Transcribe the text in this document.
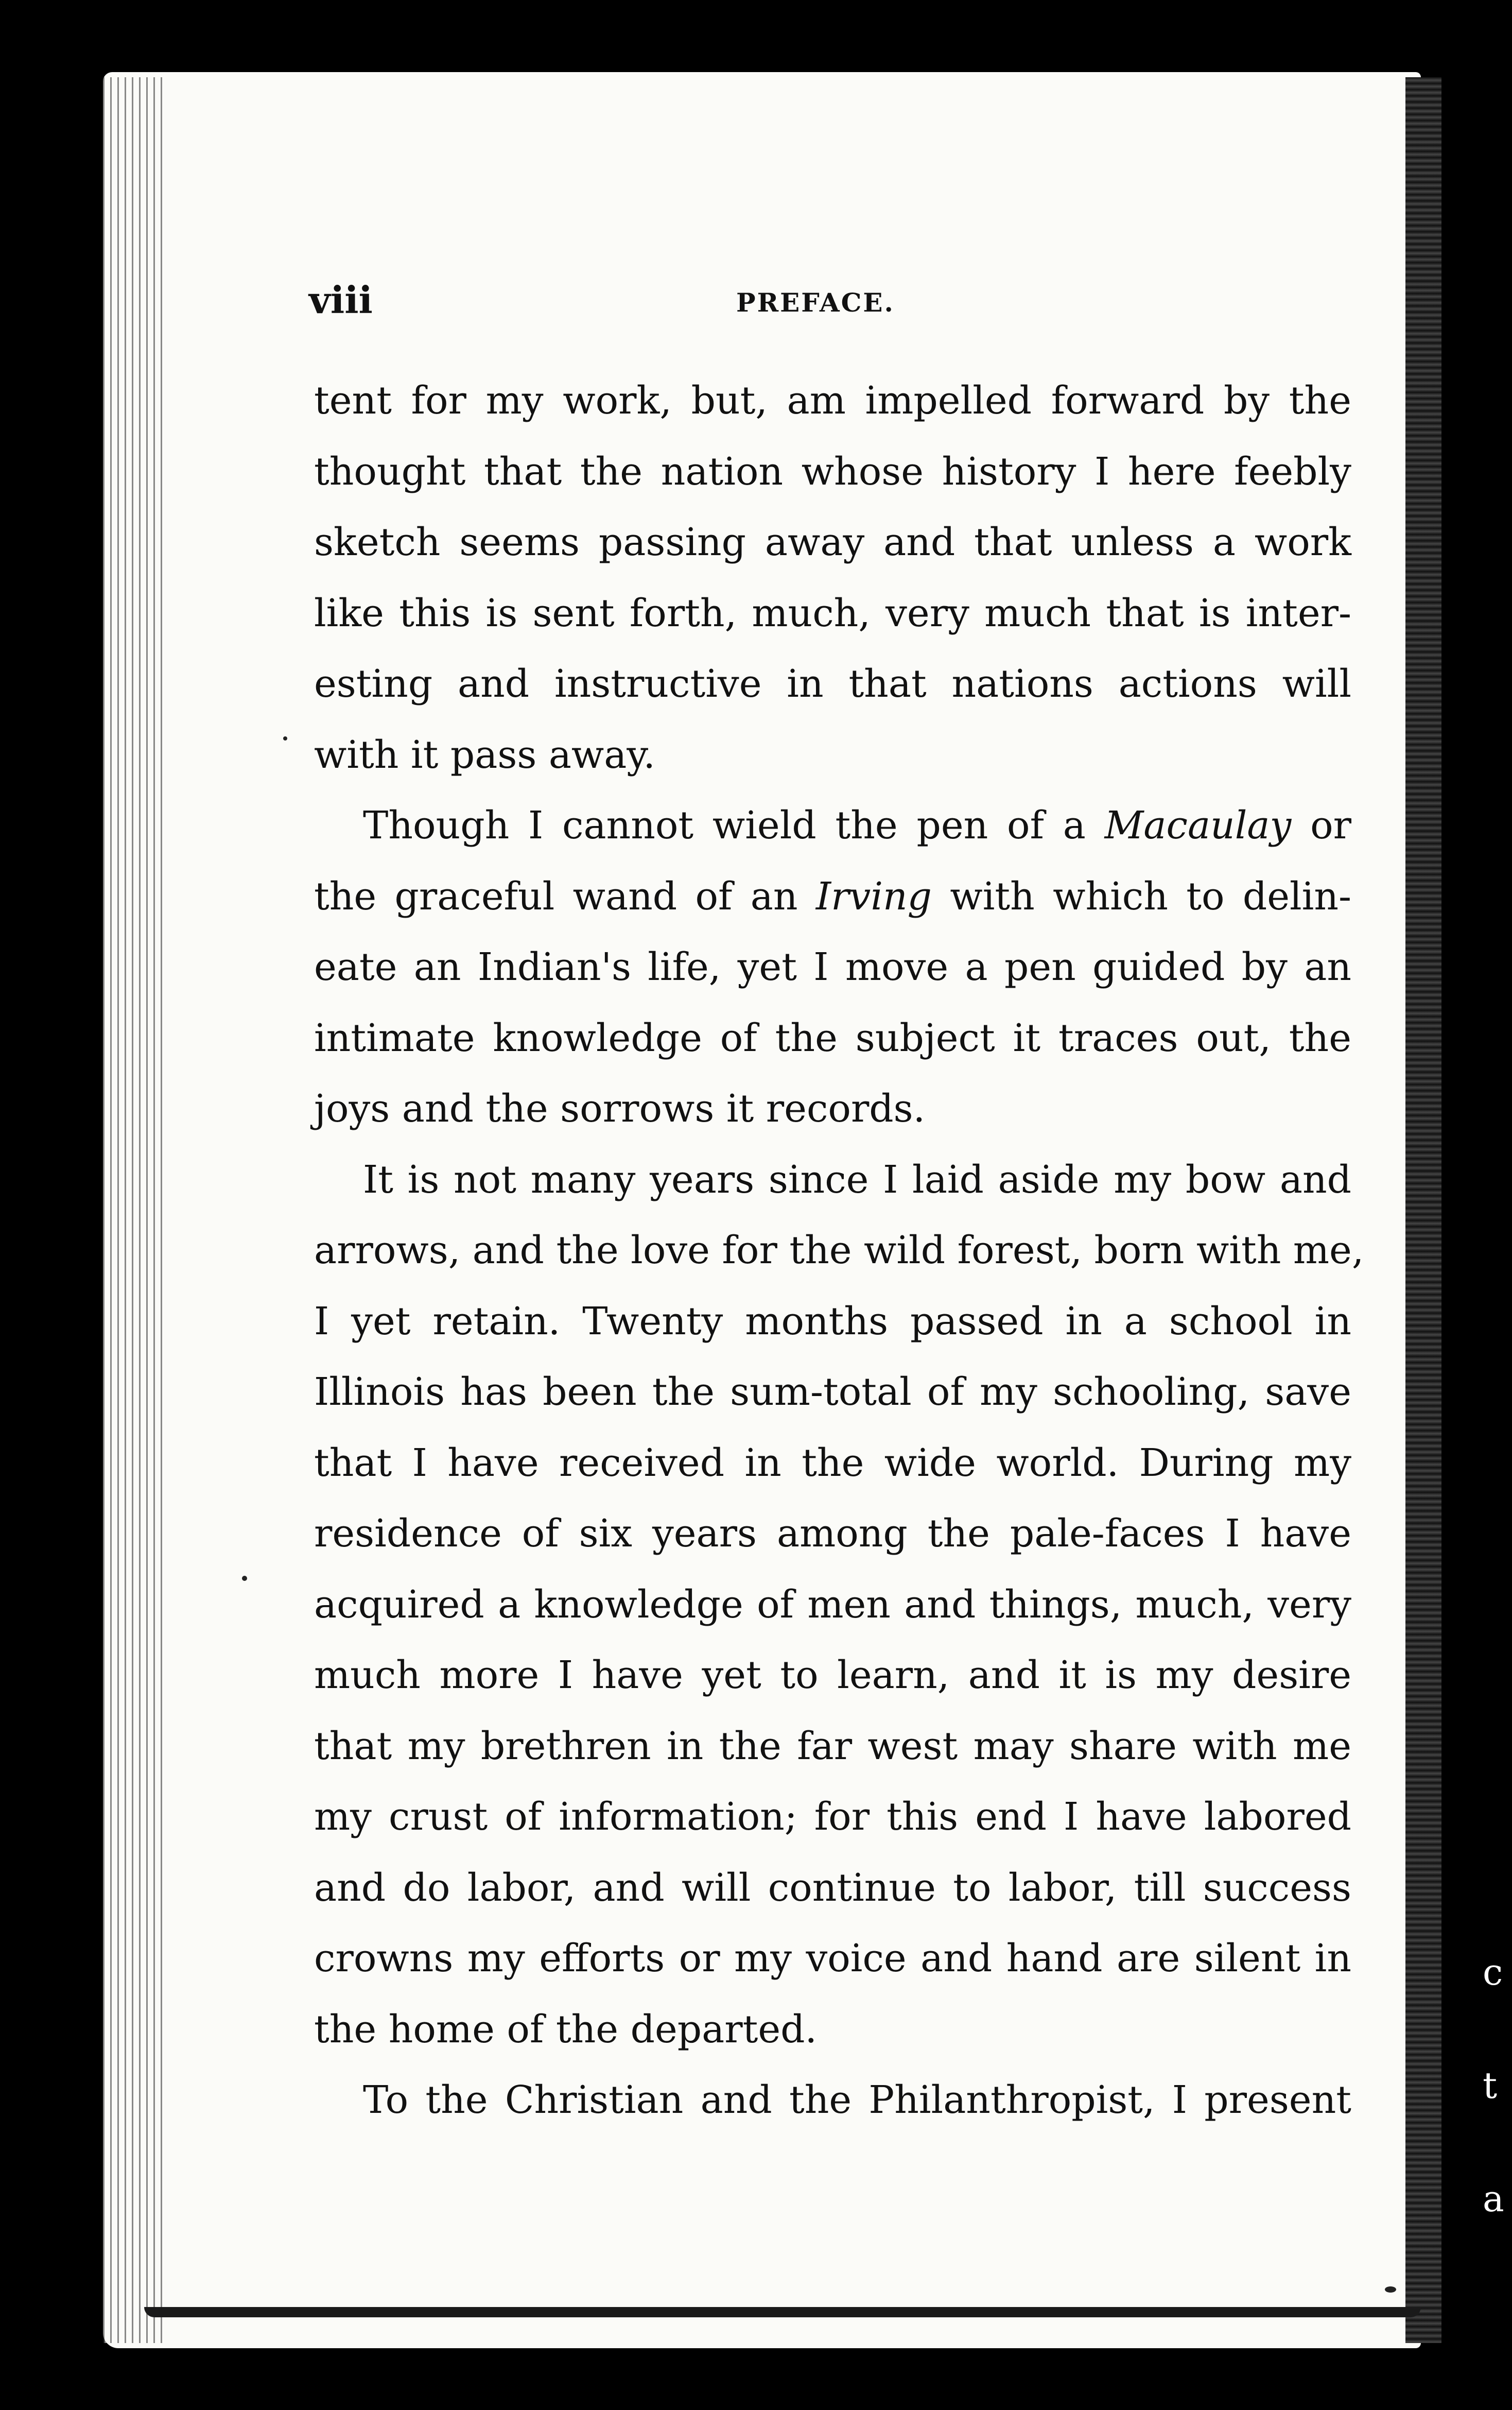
c
t
a
viii	PREFACE.
tent for my work, but, am impelled forward by the
thought that the nation whose history I here feebly
sketch seems passing away and that unless a work
like this is sent forth, much, very much that is inter-
esting and instructive in that nations actions will
with it pass away.
Though I cannot wield the pen of a Macaulay or
the graceful wand of an Irving with which to delin-
eate an Indian's life, yet I move a pen guided by an
intimate knowledge of the subject it traces out, the
joys and the sorrows it records.
It is not many years since I laid aside my bow and
arrows, and the love for the wild forest, born with me,
I yet retain. Twenty months passed in a school in
Illinois has been the sum-total of my schooling, save
that I have received in the wide world. During my
residence of six years among the pale-faces I have
acquired a knowledge of men and things, much, very
much more I have yet to learn, and it is my desire
that my brethren in the far west may share with me
my crust of information; for this end I have labored
and do labor, and will continue to labor, till success
crowns my efforts or my voice and hand are silent in
the home of the departed.
To the Christian and the Philanthropist, I present
